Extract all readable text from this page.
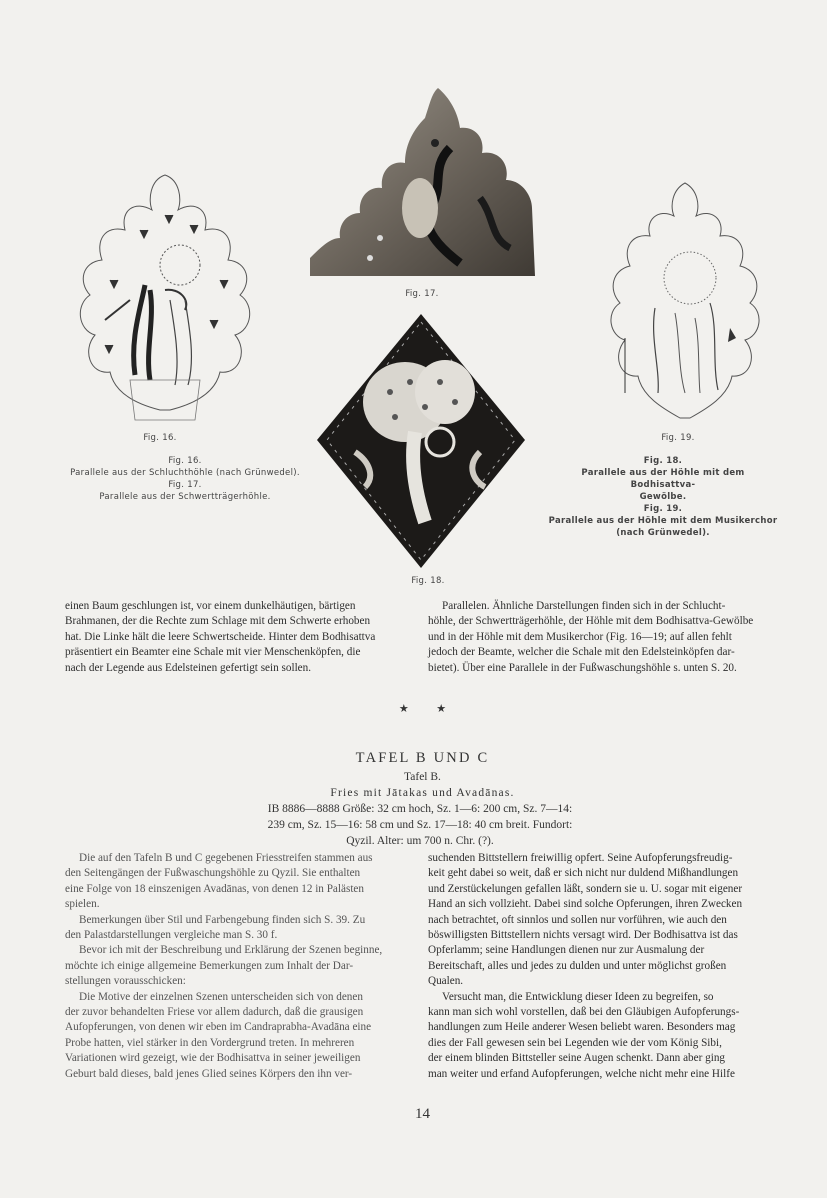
Fig. 16.
Fig. 17.
Fig. 18.
Fig. 19.
Fig. 16.
Parallele aus der Schluchthöhle (nach Grünwedel).
Fig. 17.
Parallele aus der Schwertträgerhöhle.
Fig. 18.
Parallele aus der Höhle mit dem Bodhisattva-
Gewölbe.
Fig. 19.
Parallele aus der Höhle mit dem Musikerchor
(nach Grünwedel).

einen Baum geschlungen ist, vor einem dunkelhäutigen, bärtigen

Brahmanen, der die Rechte zum Schlage mit dem Schwerte erhoben

hat. Die Linke hält die leere Schwertscheide. Hinter dem Bodhisattva

präsentiert ein Beamter eine Schale mit vier Menschenköpfen, die

nach der Legende aus Edelsteinen gefertigt sein sollen.

Parallelen. Ähnliche Darstellungen finden sich in der Schlucht-

höhle, der Schwertträgerhöhle, der Höhle mit dem Bodhisattva-Gewölbe

und in der Höhle mit dem Musikerchor (Fig. 16—19; auf allen fehlt

jedoch der Beamte, welcher die Schale mit den Edelsteinköpfen dar-

bietet). Über eine Parallele in der Fußwaschungshöhle s. unten S. 20.

★          ★
TAFEL B UND C
Tafel B.
Fries mit Jātakas und Avadānas.
IB 8886—8888 Größe: 32 cm hoch, Sz. 1—6: 200 cm, Sz. 7—14:
239 cm, Sz. 15—16: 58 cm und Sz. 17—18: 40 cm breit. Fundort:
Qyzil. Alter: um 700 n. Chr. (?).

Die auf den Tafeln B und C gegebenen Friesstreifen stammen aus

den Seitengängen der Fußwaschungshöhle zu Qyzil. Sie enthalten

eine Folge von 18 einszenigen Avadānas, von denen 12 in Palästen

spielen.

Bemerkungen über Stil und Farbengebung finden sich S. 39. Zu

den Palastdarstellungen vergleiche man S. 30 f.

Bevor ich mit der Beschreibung und Erklärung der Szenen beginne,

möchte ich einige allgemeine Bemerkungen zum Inhalt der Dar-

stellungen vorausschicken:

Die Motive der einzelnen Szenen unterscheiden sich von denen

der zuvor behandelten Friese vor allem dadurch, daß die grausigen

Aufopferungen, von denen wir eben im Candraprabha-Avadāna eine

Probe hatten, viel stärker in den Vordergrund treten. In mehreren

Variationen wird gezeigt, wie der Bodhisattva in seiner jeweiligen

Geburt bald dieses, bald jenes Glied seines Körpers den ihn ver-

suchenden Bittstellern freiwillig opfert. Seine Aufopferungsfreudig-

keit geht dabei so weit, daß er sich nicht nur duldend Mißhandlungen

und Zerstückelungen gefallen läßt, sondern sie u. U. sogar mit eigener

Hand an sich vollzieht. Dabei sind solche Opferungen, ihren Zwecken

nach betrachtet, oft sinnlos und sollen nur vorführen, wie auch den

böswilligsten Bittstellern nichts versagt wird. Der Bodhisattva ist das

Opferlamm; seine Handlungen dienen nur zur Ausmalung der

Bereitschaft, alles und jedes zu dulden und unter möglichst großen

Qualen.

Versucht man, die Entwicklung dieser Ideen zu begreifen, so

kann man sich wohl vorstellen, daß bei den Gläubigen Aufopferungs-

handlungen zum Heile anderer Wesen beliebt waren. Besonders mag

dies der Fall gewesen sein bei Legenden wie der vom König Sibi,

der einem blinden Bittsteller seine Augen schenkt. Dann aber ging

man weiter und erfand Aufopferungen, welche nicht mehr eine Hilfe

14
